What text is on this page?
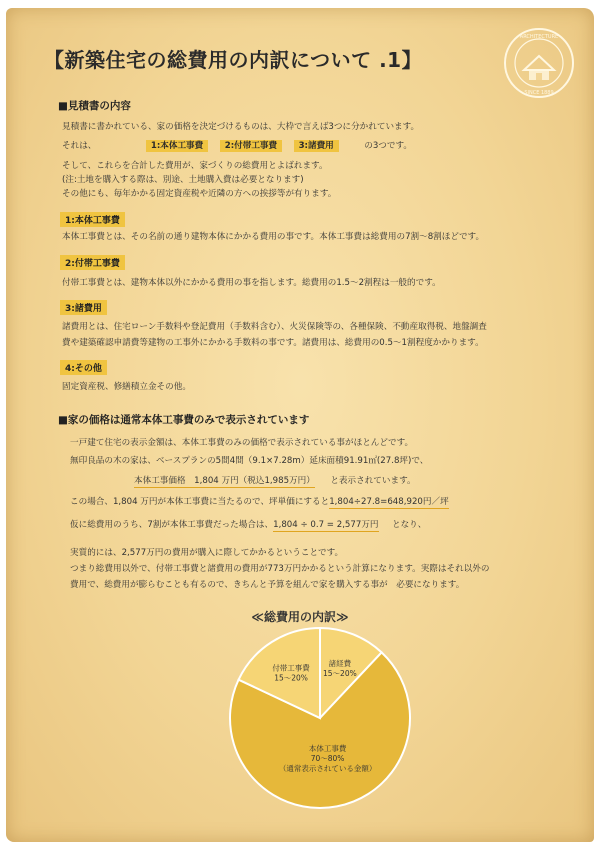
【新築住宅の総費用の内訳について .1】
ARCHITECTURE
SINCE 1889
■見積書の内容
見積書に書かれている、家の価格を決定づけるものは、大枠で言えば3つに分かれています。
それは、	1:本体工事費 2:付帯工事費 3:諸費用	の3つです。
そして、これらを合計した費用が、家づくりの総費用とよばれます。
(注:土地を購入する際は、別途、土地購入費は必要となります)
その他にも、毎年かかる固定資産税や近隣の方への挨拶等が有ります。
1:本体工事費
本体工事費とは、その名前の通り建物本体にかかる費用の事です。本体工事費は総費用の7割～8割ほどです。
2:付帯工事費
付帯工事費とは、建物本体以外にかかる費用の事を指します。総費用の1.5～2割程は一般的です。
3:諸費用
諸費用とは、住宅ローン手数料や登記費用（手数料含む）、火災保険等の、各種保険、不動産取得税、地盤調査
費や建築確認申請費等建物の工事外にかかる手数料の事です。諸費用は、総費用の0.5～1割程度かかります。
4:その他
固定資産税、修繕積立金その他。
■家の価格は通常本体工事費のみで表示されています
一戸建て住宅の表示金額は、本体工事費のみの価格で表示されている事がほとんどです。
無印良品の木の家は、ベースプランの5間4間（9.1×7.28m）延床面積91.91㎡(27.8坪)で、
本体工事価格　1,804 万円（税込1,985万円） と表示されています。
この場合、1,804 万円が本体工事費に当たるので、坪単価にすると1,804÷27.8=648,920円／坪
仮に総費用のうち、7割が本体工事費だった場合は、1,804 ÷ 0.7 = 2,577万円 となり、
実質的には、2,577万円の費用が購入に際してかかるということです。
つまり総費用以外で、付帯工事費と諸費用の費用が773万円かかるという計算になります。実際はそれ以外の
費用で、総費用が膨らむことも有るので、きちんと予算を組んで家を購入する事が　必要になります。
≪総費用の内訳≫
本体工事費
70～80%
（通常表示されている金額）
付帯工事費
15～20%
諸経費
15～20%
